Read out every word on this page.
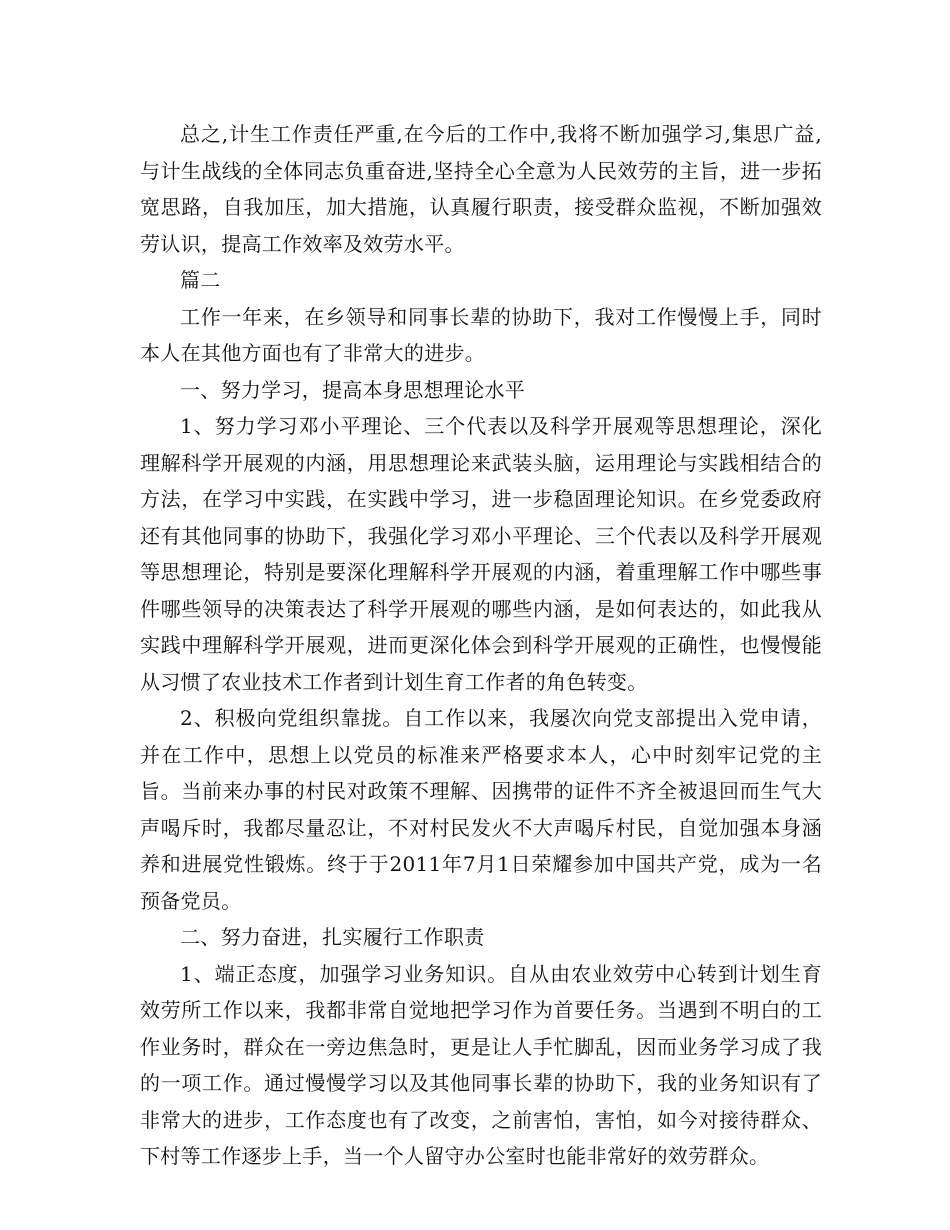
总之,计生工作责任严重,在今后的工作中,我将不断加强学习,集思广益,与计生战线的全体同志负重奋进,坚持全心全意为人民效劳的主旨，进一步拓宽思路，自我加压，加大措施，认真履行职责，接受群众监视，不断加强效劳认识，提高工作效率及效劳水平。

篇二

工作一年来，在乡领导和同事长辈的协助下，我对工作慢慢上手，同时本人在其他方面也有了非常大的进步。

一、努力学习，提高本身思想理论水平

1、努力学习邓小平理论、三个代表以及科学开展观等思想理论，深化理解科学开展观的内涵，用思想理论来武装头脑，运用理论与实践相结合的方法，在学习中实践，在实践中学习，进一步稳固理论知识。在乡党委政府还有其他同事的协助下，我强化学习邓小平理论、三个代表以及科学开展观等思想理论，特别是要深化理解科学开展观的内涵，着重理解工作中哪些事件哪些领导的决策表达了科学开展观的哪些内涵，是如何表达的，如此我从实践中理解科学开展观，进而更深化体会到科学开展观的正确性，也慢慢能从习惯了农业技术工作者到计划生育工作者的角色转变。

2、积极向党组织靠拢。自工作以来，我屡次向党支部提出入党申请，并在工作中，思想上以党员的标准来严格要求本人，心中时刻牢记党的主旨。当前来办事的村民对政策不理解、因携带的证件不齐全被退回而生气大声喝斥时，我都尽量忍让，不对村民发火不大声喝斥村民，自觉加强本身涵养和进展党性锻炼。终于于2011年7月1日荣耀参加中国共产党，成为一名预备党员。

二、努力奋进，扎实履行工作职责

1、端正态度，加强学习业务知识。自从由农业效劳中心转到计划生育效劳所工作以来，我都非常自觉地把学习作为首要任务。当遇到不明白的工作业务时，群众在一旁边焦急时，更是让人手忙脚乱，因而业务学习成了我的一项工作。通过慢慢学习以及其他同事长辈的协助下，我的业务知识有了非常大的进步，工作态度也有了改变，之前害怕，害怕，如今对接待群众、下村等工作逐步上手，当一个人留守办公室时也能非常好的效劳群众。
